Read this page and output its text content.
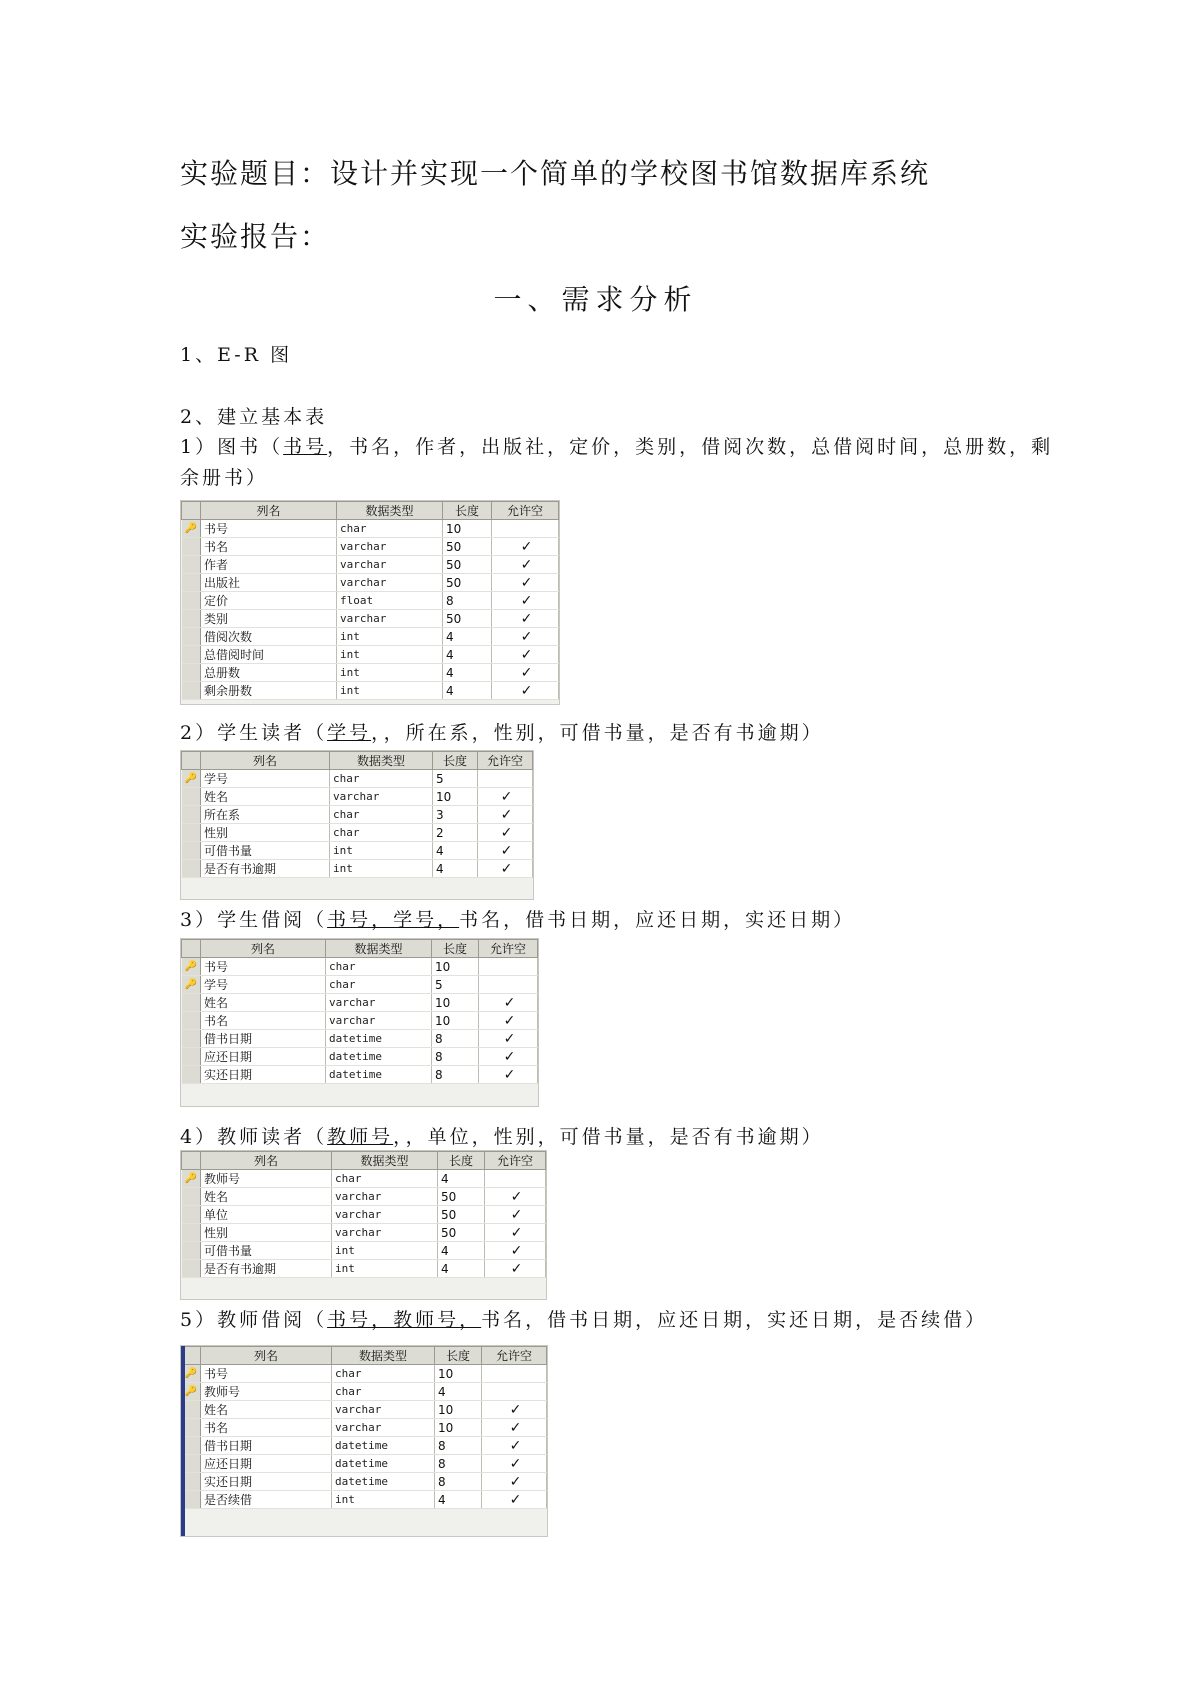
实验题目：设计并实现一个简单的学校图书馆数据库系统
实验报告：
一、需求分析
1、E-R 图
2、建立基本表
1）图书（书号，书名，作者，出版社，定价，类别，借阅次数，总借阅时间，总册数，剩
余册书）
	列名	数据类型	长度	允许空
🔑	书号	char	10	
	书名	varchar	50	✓
	作者	varchar	50	✓
	出版社	varchar	50	✓
	定价	float	8	✓
	类别	varchar	50	✓
	借阅次数	int	4	✓
	总借阅时间	int	4	✓
	总册数	int	4	✓
	剩余册数	int	4	✓

2）学生读者（学号，，所在系，性别，可借书量，是否有书逾期）
	列名	数据类型	长度	允许空
🔑	学号	char	5	
	姓名	varchar	10	✓
	所在系	char	3	✓
	性别	char	2	✓
	可借书量	int	4	✓
	是否有书逾期	int	4	✓

3）学生借阅（书号，学号，书名，借书日期，应还日期，实还日期）
	列名	数据类型	长度	允许空
🔑	书号	char	10	
🔑	学号	char	5	
	姓名	varchar	10	✓
	书名	varchar	10	✓
	借书日期	datetime	8	✓
	应还日期	datetime	8	✓
	实还日期	datetime	8	✓

4）教师读者（教师号，，单位，性别，可借书量，是否有书逾期）
	列名	数据类型	长度	允许空
🔑	教师号	char	4	
	姓名	varchar	50	✓
	单位	varchar	50	✓
	性别	varchar	50	✓
	可借书量	int	4	✓
	是否有书逾期	int	4	✓

5）教师借阅（书号，教师号，书名，借书日期，应还日期，实还日期，是否续借）
	列名	数据类型	长度	允许空
🔑	书号	char	10	
🔑	教师号	char	4	
	姓名	varchar	10	✓
	书名	varchar	10	✓
	借书日期	datetime	8	✓
	应还日期	datetime	8	✓
	实还日期	datetime	8	✓
	是否续借	int	4	✓
